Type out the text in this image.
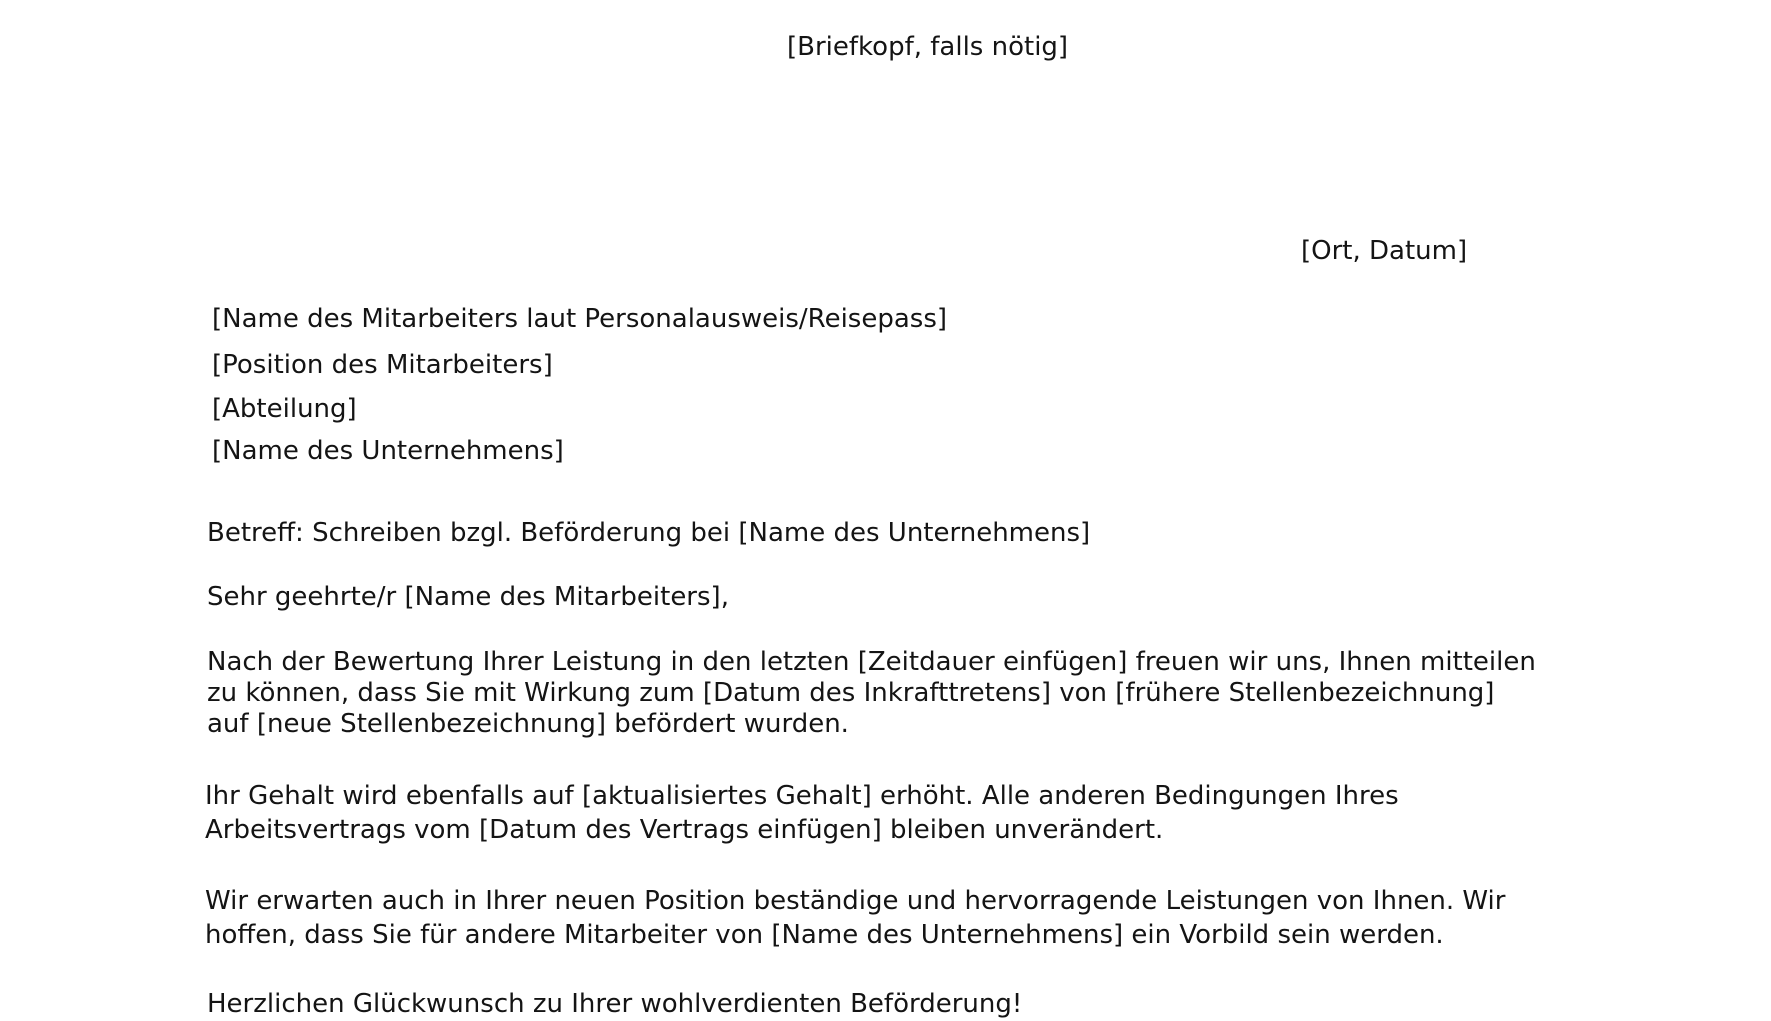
[Briefkopf, falls nötig]
[Ort, Datum]
[Name des Mitarbeiters laut Personalausweis/Reisepass]
[Position des Mitarbeiters]
[Abteilung]
[Name des Unternehmens]
Betreff: Schreiben bzgl. Beförderung bei [Name des Unternehmens]
Sehr geehrte/r [Name des Mitarbeiters],
Nach der Bewertung Ihrer Leistung in den letzten [Zeitdauer einfügen] freuen wir uns, Ihnen mitteilen
zu können, dass Sie mit Wirkung zum [Datum des Inkrafttretens] von [frühere Stellenbezeichnung]
auf [neue Stellenbezeichnung] befördert wurden.
Ihr Gehalt wird ebenfalls auf [aktualisiertes Gehalt] erhöht. Alle anderen Bedingungen Ihres
Arbeitsvertrags vom [Datum des Vertrags einfügen] bleiben unverändert.
Wir erwarten auch in Ihrer neuen Position beständige und hervorragende Leistungen von Ihnen. Wir
hoffen, dass Sie für andere Mitarbeiter von [Name des Unternehmens] ein Vorbild sein werden.
Herzlichen Glückwunsch zu Ihrer wohlverdienten Beförderung!
